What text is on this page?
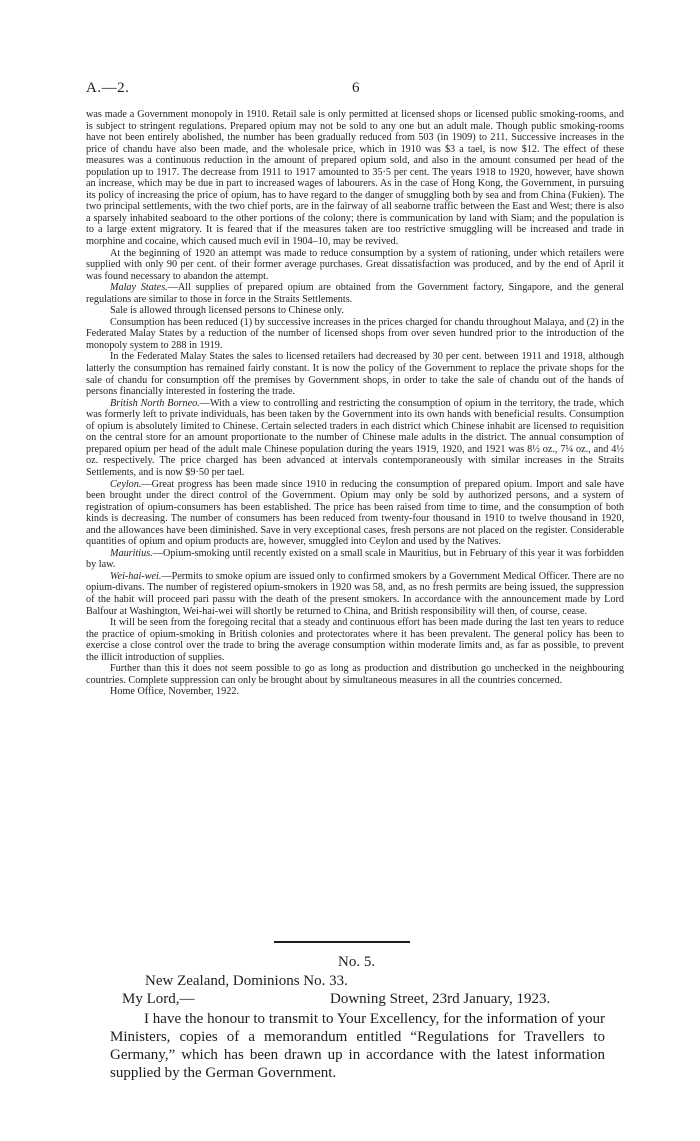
A.—2.	6

was made a Government monopoly in 1910. Retail sale is only permitted at licensed shops or licensed public smoking-rooms, and is subject to stringent regulations. Prepared opium may not be sold to any one but an adult male. Though public smoking-rooms have not been entirely abolished, the number has been gradually reduced from 503 (in 1909) to 211. Successive increases in the price of chandu have also been made, and the wholesale price, which in 1910 was $3 a tael, is now $12. The effect of these measures was a continuous reduction in the amount of prepared opium sold, and also in the amount consumed per head of the population up to 1917. The decrease from 1911 to 1917 amounted to 35·5 per cent. The years 1918 to 1920, however, have shown an increase, which may be due in part to increased wages of labourers. As in the case of Hong Kong, the Government, in pursuing its policy of increasing the price of opium, has to have regard to the danger of smuggling both by sea and from China (Fukien). The two principal settlements, with the two chief ports, are in the fairway of all seaborne traffic between the East and West; there is also a sparsely inhabited seaboard to the other portions of the colony; there is communication by land with Siam; and the population is to a large extent migratory. It is feared that if the measures taken are too restrictive smuggling will be increased and trade in morphine and cocaine, which caused much evil in 1904–10, may be revived.

At the beginning of 1920 an attempt was made to reduce consumption by a system of rationing, under which retailers were supplied with only 90 per cent. of their former average purchases. Great dissatisfaction was produced, and by the end of April it was found necessary to abandon the attempt.

Malay States.—All supplies of prepared opium are obtained from the Government factory, Singapore, and the general regulations are similar to those in force in the Straits Settlements.

Sale is allowed through licensed persons to Chinese only.

Consumption has been reduced (1) by successive increases in the prices charged for chandu throughout Malaya, and (2) in the Federated Malay States by a reduction of the number of licensed shops from over seven hundred prior to the introduction of the monopoly system to 288 in 1919.

In the Federated Malay States the sales to licensed retailers had decreased by 30 per cent. between 1911 and 1918, although latterly the consumption has remained fairly constant. It is now the policy of the Government to replace the private shops for the sale of chandu for consumption off the premises by Government shops, in order to take the sale of chandu out of the hands of persons financially interested in fostering the trade.

British North Borneo.—With a view to controlling and restricting the consumption of opium in the territory, the trade, which was formerly left to private individuals, has been taken by the Government into its own hands with beneficial results. Consumption of opium is absolutely limited to Chinese. Certain selected traders in each district which Chinese inhabit are licensed to requisition on the central store for an amount proportionate to the number of Chinese male adults in the district. The annual consumption of prepared opium per head of the adult male Chinese population during the years 1919, 1920, and 1921 was 8½ oz., 7¼ oz., and 4½ oz. respectively. The price charged has been advanced at intervals contemporaneously with similar increases in the Straits Settlements, and is now $9·50 per tael.

Ceylon.—Great progress has been made since 1910 in reducing the consumption of prepared opium. Import and sale have been brought under the direct control of the Government. Opium may only be sold by authorized persons, and a system of registration of opium-consumers has been established. The price has been raised from time to time, and the consumption of both kinds is decreasing. The number of consumers has been reduced from twenty-four thousand in 1910 to twelve thousand in 1920, and the allowances have been diminished. Save in very exceptional cases, fresh persons are not placed on the register. Considerable quantities of opium and opium products are, however, smuggled into Ceylon and used by the Natives.

Mauritius.—Opium-smoking until recently existed on a small scale in Mauritius, but in February of this year it was forbidden by law.

Wei-hai-wei.—Permits to smoke opium are issued only to confirmed smokers by a Government Medical Officer. There are no opium-divans. The number of registered opium-smokers in 1920 was 58, and, as no fresh permits are being issued, the suppression of the habit will proceed pari passu with the death of the present smokers. In accordance with the announcement made by Lord Balfour at Washington, Wei-hai-wei will shortly be returned to China, and British responsibility will then, of course, cease.

It will be seen from the foregoing recital that a steady and continuous effort has been made during the last ten years to reduce the practice of opium-smoking in British colonies and protectorates where it has been prevalent. The general policy has been to exercise a close control over the trade to bring the average consumption within moderate limits and, as far as possible, to prevent the illicit introduction of supplies.

Further than this it does not seem possible to go as long as production and distribution go unchecked in the neighbouring countries. Complete suppression can only be brought about by simultaneous measures in all the countries concerned.

Home Office, November, 1922.

No. 5.
New Zealand, Dominions No. 33.
My Lord,—	Downing Street, 23rd January, 1923.
I have the honour to transmit to Your Excellency, for the information of your Ministers, copies of a memorandum entitled “Regulations for Travellers to Germany,” which has been drawn up in accordance with the latest information supplied by the German Government.
